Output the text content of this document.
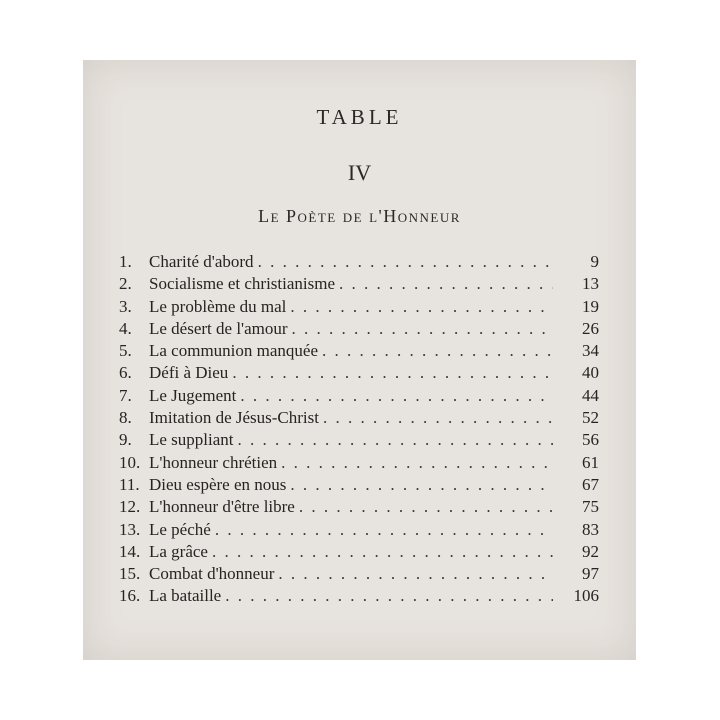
TABLE
IV
Le Poète de l'Honneur
1.	Charité d'abord . . .	9
2.	Socialisme et christianisme . . .	13
3.	Le problème du mal . . .	19
4.	Le désert de l'amour . . .	26
5.	La communion manquée . . .	34
6.	Défi à Dieu . . .	40
7.	Le Jugement . . .	44
8.	Imitation de Jésus-Christ . . .	52
9.	Le suppliant . . .	56
10. L'honneur chrétien . . .	61
11. Dieu espère en nous . . .	67
12. L'honneur d'être libre . . .	75
13. Le péché . . .	83
14. La grâce . . .	92
15. Combat d'honneur . . .	97
16. La bataille . . .	106
